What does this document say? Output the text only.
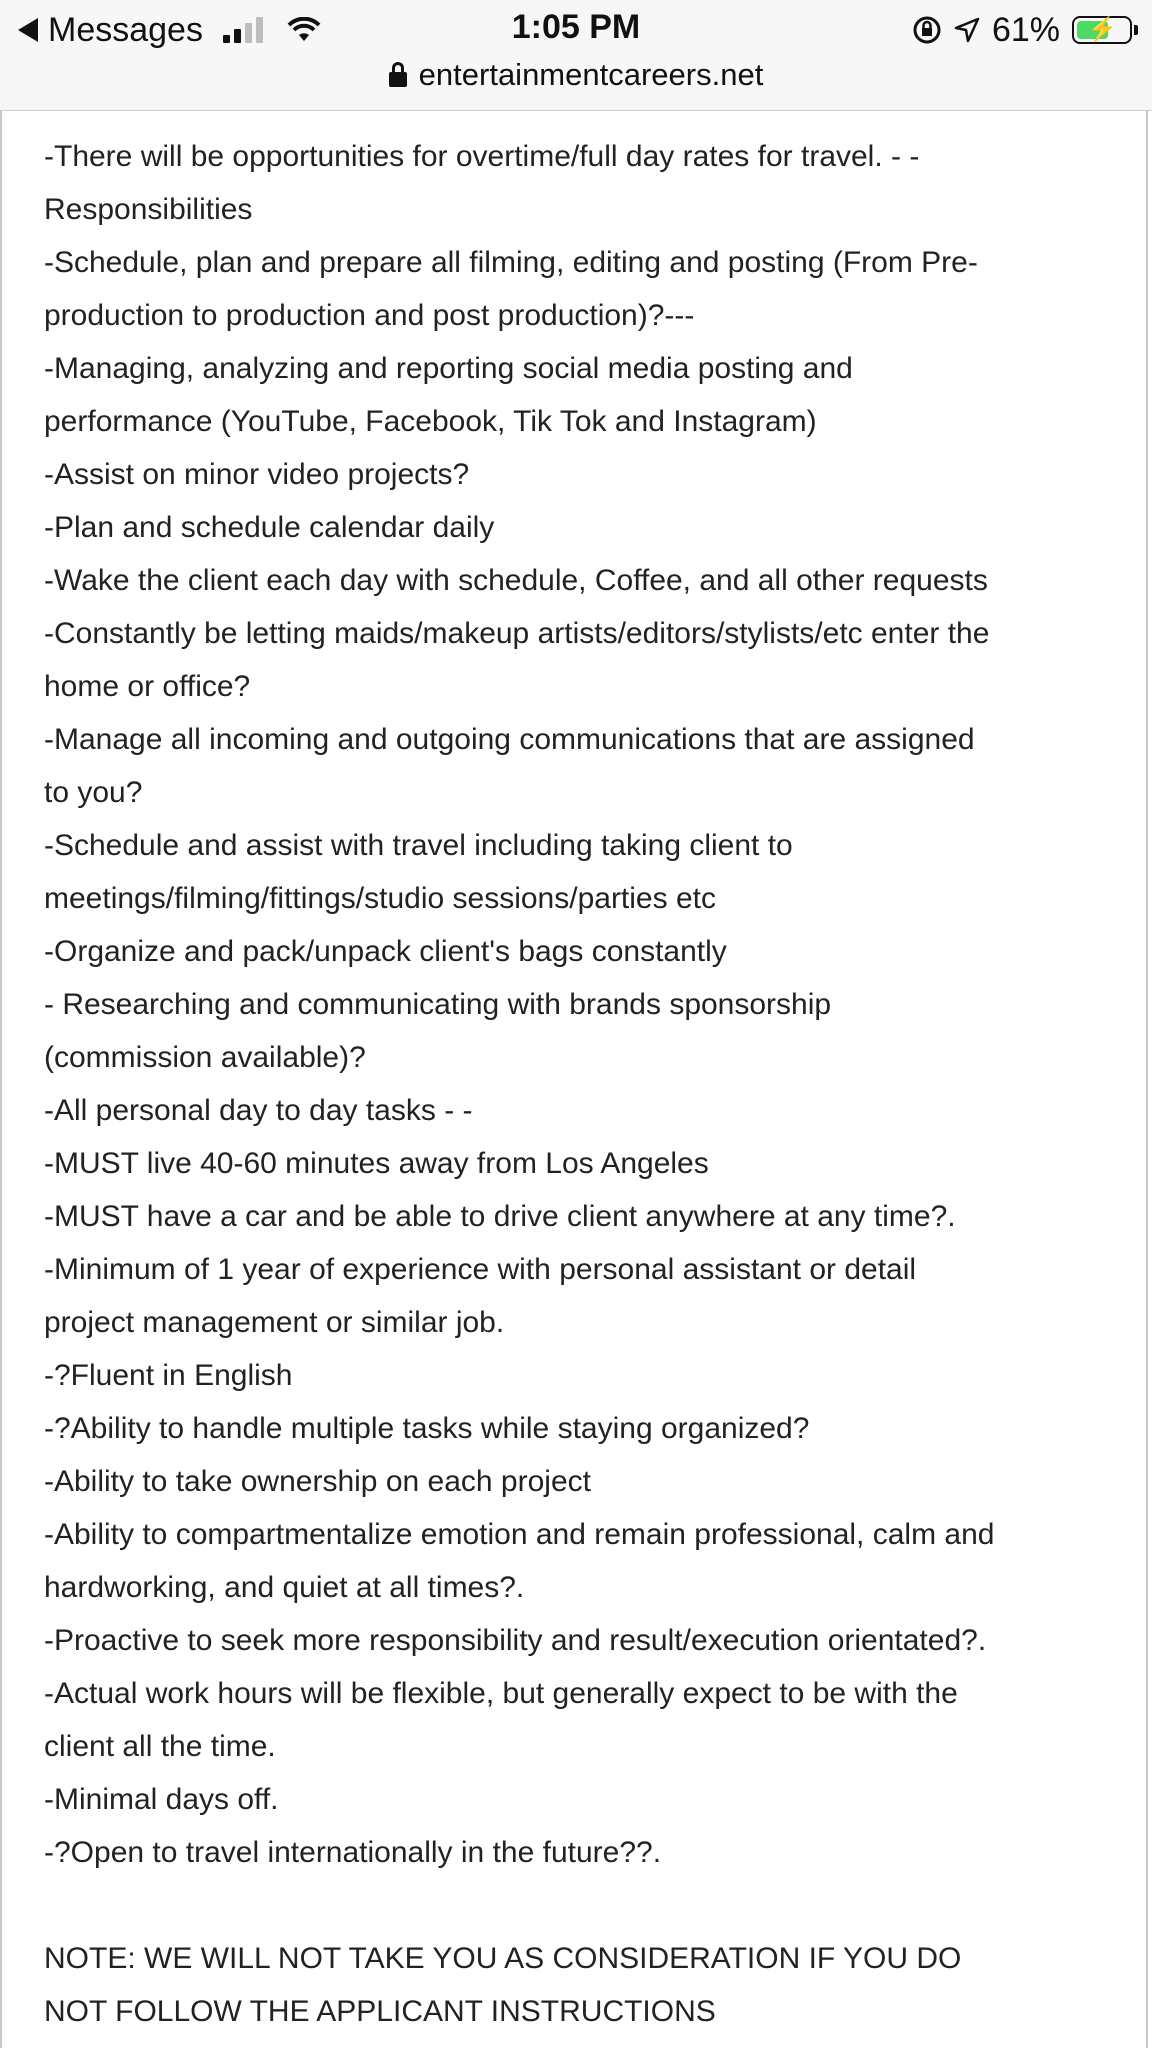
Messages	1:05 PM	61%	⚡
entertainmentcareers.net

-There will be opportunities for overtime/full day rates for travel. - -

Responsibilities

-Schedule, plan and prepare all filming, editing and posting (From Pre-

production to production and post production)?---

-Managing, analyzing and reporting social media posting and

performance (YouTube, Facebook, Tik Tok and Instagram)

-Assist on minor video projects?

-Plan and schedule calendar daily

-Wake the client each day with schedule, Coffee, and all other requests

-Constantly be letting maids/makeup artists/editors/stylists/etc enter the

home or office?

-Manage all incoming and outgoing communications that are assigned

to you?

-Schedule and assist with travel including taking client to

meetings/filming/fittings/studio sessions/parties etc

-Organize and pack/unpack client's bags constantly

- Researching and communicating with brands sponsorship

(commission available)?

-All personal day to day tasks - -

-MUST live 40-60 minutes away from Los Angeles

-MUST have a car and be able to drive client anywhere at any time?.

-Minimum of 1 year of experience with personal assistant or detail

project management or similar job.

-?Fluent in English

-?Ability to handle multiple tasks while staying organized?

-Ability to take ownership on each project

-Ability to compartmentalize emotion and remain professional, calm and

hardworking, and quiet at all times?.

-Proactive to seek more responsibility and result/execution orientated?.

-Actual work hours will be flexible, but generally expect to be with the

client all the time.

-Minimal days off.

-?Open to travel internationally in the future??.

NOTE: WE WILL NOT TAKE YOU AS CONSIDERATION IF YOU DO

NOT FOLLOW THE APPLICANT INSTRUCTIONS
